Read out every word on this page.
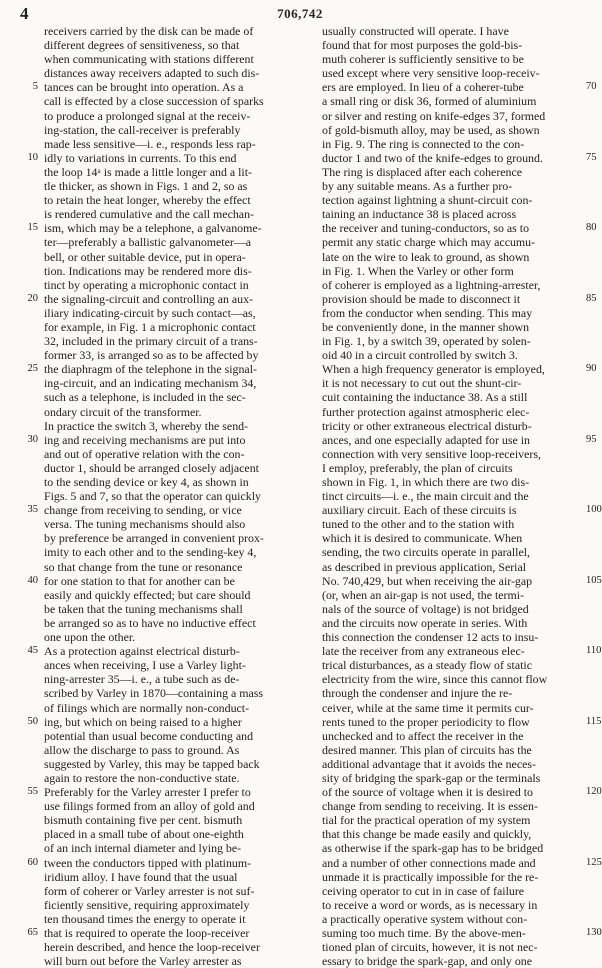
4	706,742
receivers carried by the disk can be made of
different degrees of sensitiveness, so that
when communicating with stations different
distances away receivers adapted to such dis-
tances can be brought into operation. As a
call is effected by a close succession of sparks
to produce a prolonged signal at the receiv-
ing-station, the call-receiver is preferably
made less sensitive—i. e., responds less rap-
idly to variations in currents. To this end
the loop 14ᵃ is made a little longer and a lit-
tle thicker, as shown in Figs. 1 and 2, so as
to retain the heat longer, whereby the effect
is rendered cumulative and the call mechan-
ism, which may be a telephone, a galvanome-
ter—preferably a ballistic galvanometer—a
bell, or other suitable device, put in opera-
tion. Indications may be rendered more dis-
tinct by operating a microphonic contact in
the signaling-circuit and controlling an aux-
iliary indicating-circuit by such contact—as,
for example, in Fig. 1 a microphonic contact
32, included in the primary circuit of a trans-
former 33, is arranged so as to be affected by
the diaphragm of the telephone in the signal-
ing-circuit, and an indicating mechanism 34,
such as a telephone, is included in the sec-
ondary circuit of the transformer.
In practice the switch 3, whereby the send-
ing and receiving mechanisms are put into
and out of operative relation with the con-
ductor 1, should be arranged closely adjacent
to the sending device or key 4, as shown in
Figs. 5 and 7, so that the operator can quickly
change from receiving to sending, or vice
versa. The tuning mechanisms should also
by preference be arranged in convenient prox-
imity to each other and to the sending-key 4,
so that change from the tune or resonance
for one station to that for another can be
easily and quickly effected; but care should
be taken that the tuning mechanisms shall
be arranged so as to have no inductive effect
one upon the other.
As a protection against electrical disturb-
ances when receiving, I use a Varley light-
ning-arrester 35—i. e., a tube such as de-
scribed by Varley in 1870—containing a mass
of filings which are normally non-conduct-
ing, but which on being raised to a higher
potential than usual become conducting and
allow the discharge to pass to ground. As
suggested by Varley, this may be tapped back
again to restore the non-conductive state.
Preferably for the Varley arrester I prefer to
use filings formed from an alloy of gold and
bismuth containing five per cent. bismuth
placed in a small tube of about one-eighth
of an inch internal diameter and lying be-
tween the conductors tipped with platinum-
iridium alloy. I have found that the usual
form of coherer or Varley arrester is not suf-
ficiently sensitive, requiring approximately
ten thousand times the energy to operate it
that is required to operate the loop-receiver
herein described, and hence the loop-receiver
will burn out before the Varley arrester as
usually constructed will operate. I have
found that for most purposes the gold-bis-
muth coherer is sufficiently sensitive to be
used except where very sensitive loop-receiv-
ers are employed. In lieu of a coherer-tube
a small ring or disk 36, formed of aluminium
or silver and resting on knife-edges 37, formed
of gold-bismuth alloy, may be used, as shown
in Fig. 9. The ring is connected to the con-
ductor 1 and two of the knife-edges to ground.
The ring is displaced after each coherence
by any suitable means. As a further pro-
tection against lightning a shunt-circuit con-
taining an inductance 38 is placed across
the receiver and tuning-conductors, so as to
permit any static charge which may accumu-
late on the wire to leak to ground, as shown
in Fig. 1. When the Varley or other form
of coherer is employed as a lightning-arrester,
provision should be made to disconnect it
from the conductor when sending. This may
be conveniently done, in the manner shown
in Fig. 1, by a switch 39, operated by solen-
oid 40 in a circuit controlled by switch 3.
When a high frequency generator is employed,
it is not necessary to cut out the shunt-cir-
cuit containing the inductance 38. As a still
further protection against atmospheric elec-
tricity or other extraneous electrical disturb-
ances, and one especially adapted for use in
connection with very sensitive loop-receivers,
I employ, preferably, the plan of circuits
shown in Fig. 1, in which there are two dis-
tinct circuits—i. e., the main circuit and the
auxiliary circuit. Each of these circuits is
tuned to the other and to the station with
which it is desired to communicate. When
sending, the two circuits operate in parallel,
as described in previous application, Serial
No. 740,429, but when receiving the air-gap
(or, when an air-gap is not used, the termi-
nals of the source of voltage) is not bridged
and the circuits now operate in series. With
this connection the condenser 12 acts to insu-
late the receiver from any extraneous elec-
trical disturbances, as a steady flow of static
electricity from the wire, since this cannot flow
through the condenser and injure the re-
ceiver, while at the same time it permits cur-
rents tuned to the proper periodicity to flow
unchecked and to affect the receiver in the
desired manner. This plan of circuits has the
additional advantage that it avoids the neces-
sity of bridging the spark-gap or the terminals
of the source of voltage when it is desired to
change from sending to receiving. It is essen-
tial for the practical operation of my system
that this change be made easily and quickly,
as otherwise if the spark-gap has to be bridged
and a number of other connections made and
unmade it is practically impossible for the re-
ceiving operator to cut in in case of failure
to receive a word or words, as is necessary in
a practically operative system without con-
suming too much time. By the above-men-
tioned plan of circuits, however, it is not nec-
essary to bridge the spark-gap, and only one
5
10
15
20
25
30
35
40
45
50
55
60
65
70
75
80
85
90
95
100
105
110
115
120
125
130
